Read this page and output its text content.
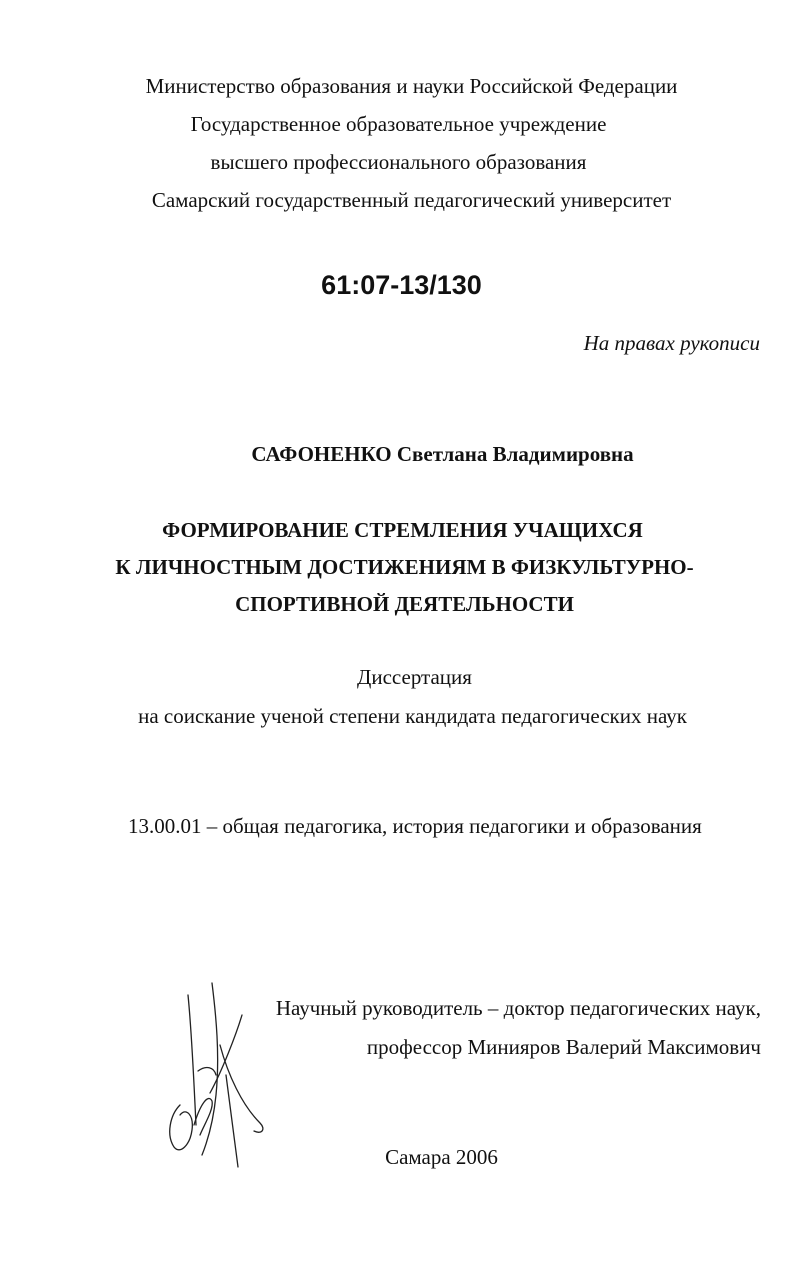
Министерство образования и науки Российской Федерации
Государственное образовательное учреждение
высшего профессионального образования
Самарский государственный педагогический университет
61:07-13/130
На правах рукописи
САФОНЕНКО Светлана Владимировна
ФОРМИРОВАНИЕ СТРЕМЛЕНИЯ УЧАЩИХСЯ
К ЛИЧНОСТНЫМ ДОСТИЖЕНИЯМ В ФИЗКУЛЬТУРНО-
СПОРТИВНОЙ ДЕЯТЕЛЬНОСТИ
Диссертация
на соискание ученой степени кандидата педагогических наук
13.00.01 – общая педагогика, история педагогики и образования
Научный руководитель – доктор педагогических наук,
профессор Минияров Валерий Максимович
Самара 2006
